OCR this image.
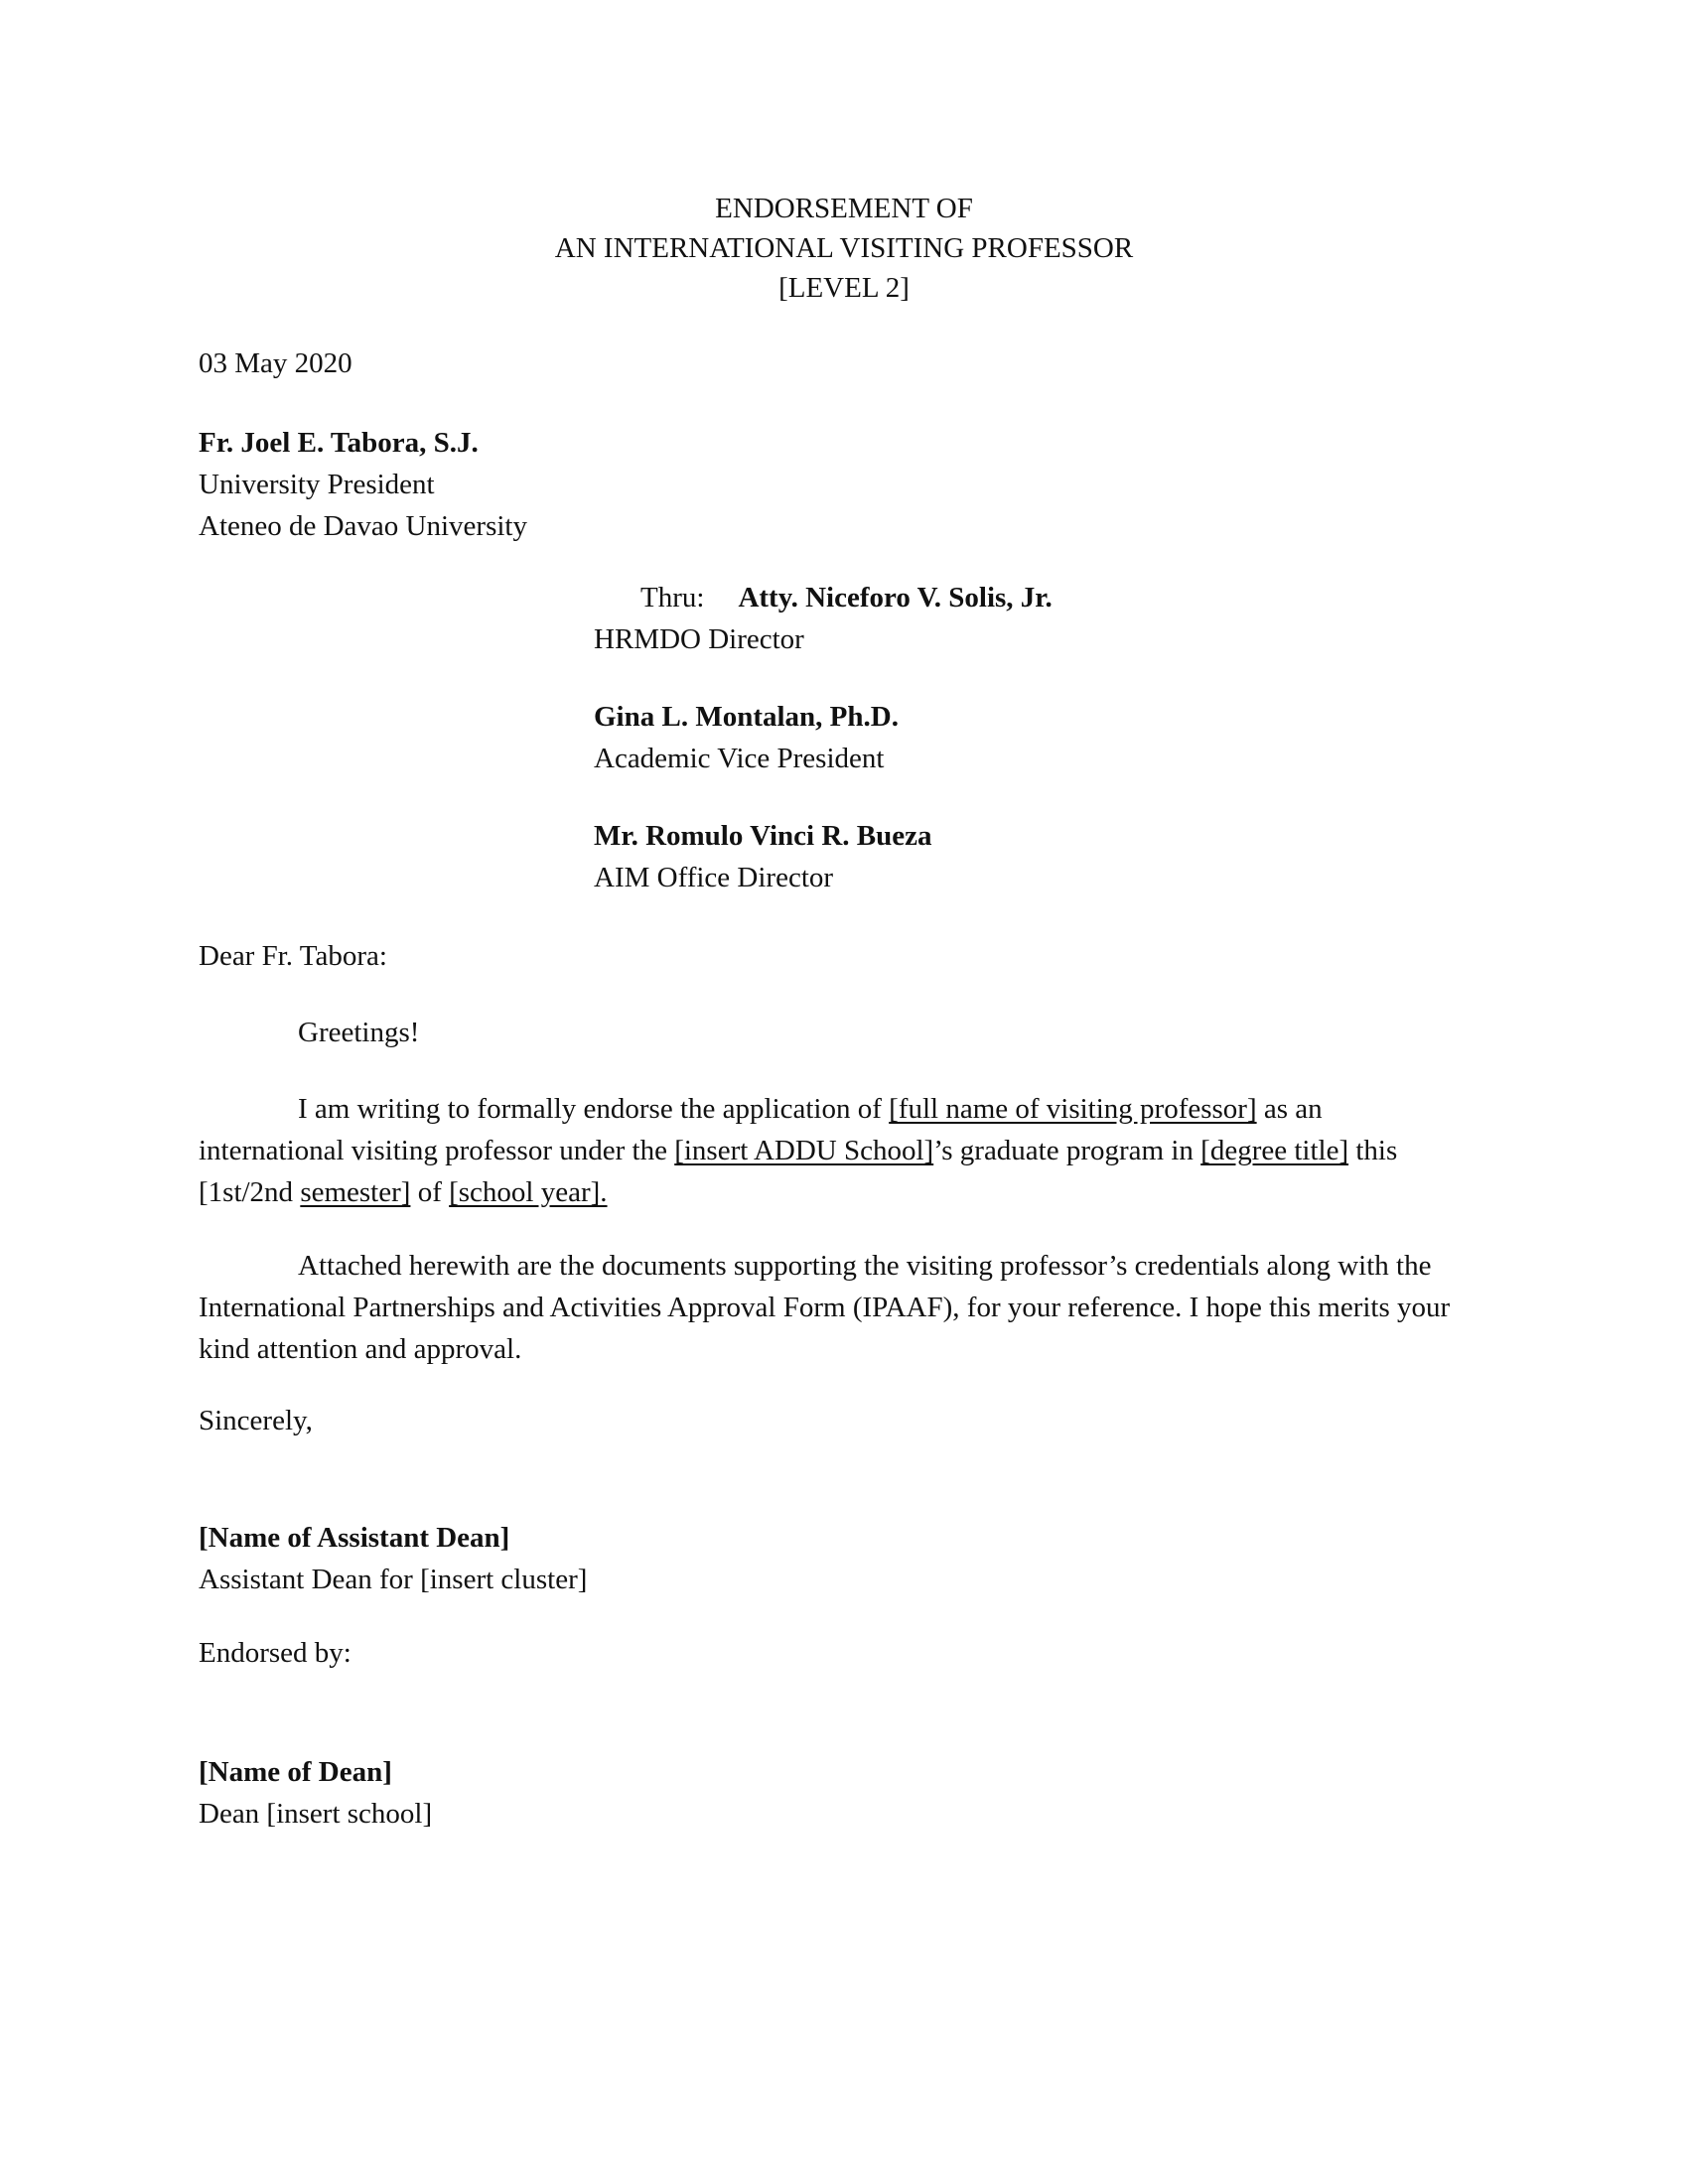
ENDORSEMENT OF
AN INTERNATIONAL VISITING PROFESSOR
[LEVEL 2]
03 May 2020
Fr. Joel E. Tabora, S.J.
University President
Ateneo de Davao University
Thru: Atty. Niceforo V. Solis, Jr.
HRMDO Director
Gina L. Montalan, Ph.D.
Academic Vice President
Mr. Romulo Vinci R. Bueza
AIM Office Director
Dear Fr. Tabora:
Greetings!
I am writing to formally endorse the application of [full name of visiting professor] as an international visiting professor under the [insert ADDU School]’s graduate program in [degree title] this [1st/2nd semester] of [school year].
Attached herewith are the documents supporting the visiting professor’s credentials along with the International Partnerships and Activities Approval Form (IPAAF), for your reference. I hope this merits your kind attention and approval.
Sincerely,
[Name of Assistant Dean]
Assistant Dean for [insert cluster]
Endorsed by:
[Name of Dean]
Dean [insert school]
